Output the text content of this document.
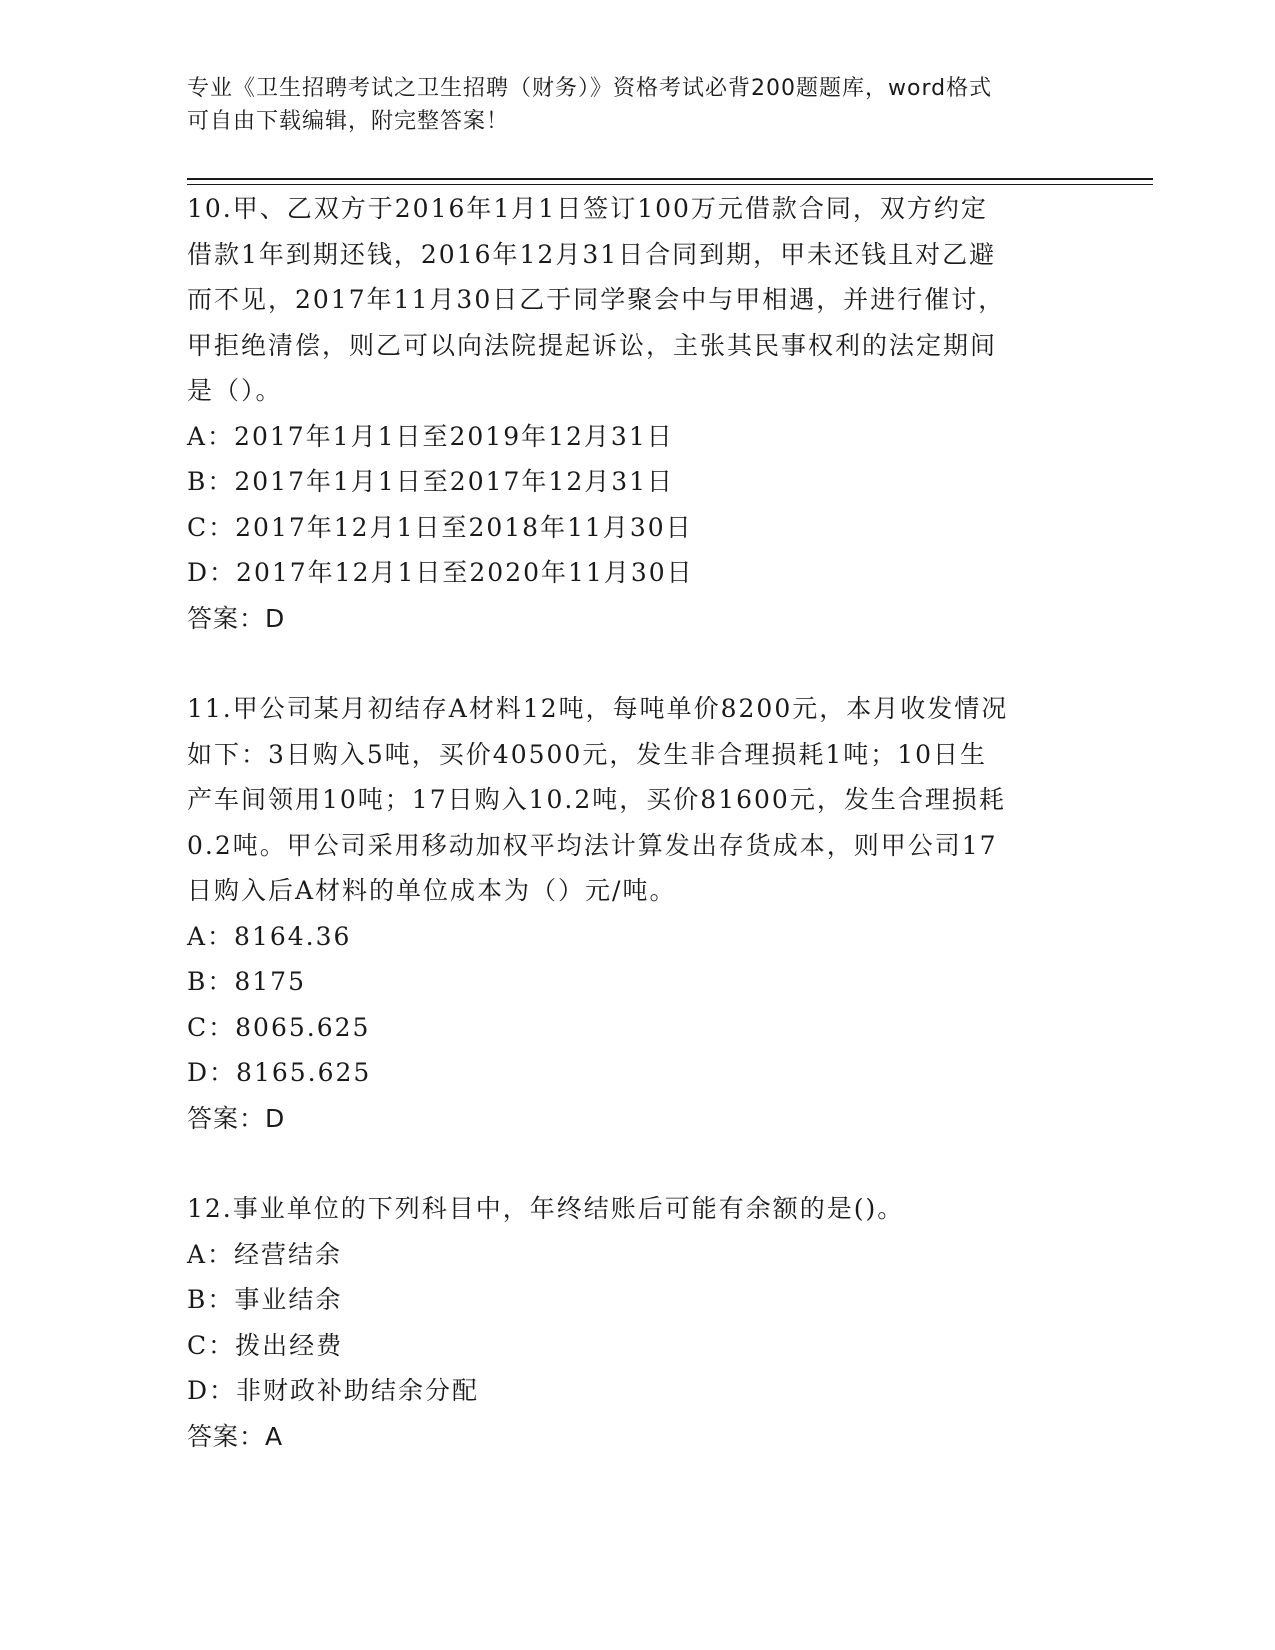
专业《卫生招聘考试之卫生招聘（财务）》资格考试必背200题题库，word格式
可自由下载编辑，附完整答案！
10.甲、乙双方于2016年1月1日签订100万元借款合同，双方约定
借款1年到期还钱，2016年12月31日合同到期，甲未还钱且对乙避
而不见，2017年11月30日乙于同学聚会中与甲相遇，并进行催讨，
甲拒绝清偿，则乙可以向法院提起诉讼，主张其民事权利的法定期间
是（）。
A：2017年1月1日至2019年12月31日
B：2017年1月1日至2017年12月31日
C：2017年12月1日至2018年11月30日
D：2017年12月1日至2020年11月30日
答案：D
11.甲公司某月初结存A材料12吨，每吨单价8200元，本月收发情况
如下：3日购入5吨，买价40500元，发生非合理损耗1吨；10日生
产车间领用10吨；17日购入10.2吨，买价81600元，发生合理损耗
0.2吨。甲公司采用移动加权平均法计算发出存货成本，则甲公司17
日购入后A材料的单位成本为（）元/吨。
A：8164.36
B：8175
C：8065.625
D：8165.625
答案：D
12.事业单位的下列科目中，年终结账后可能有余额的是()。
A：经营结余
B：事业结余
C：拨出经费
D：非财政补助结余分配
答案：A
